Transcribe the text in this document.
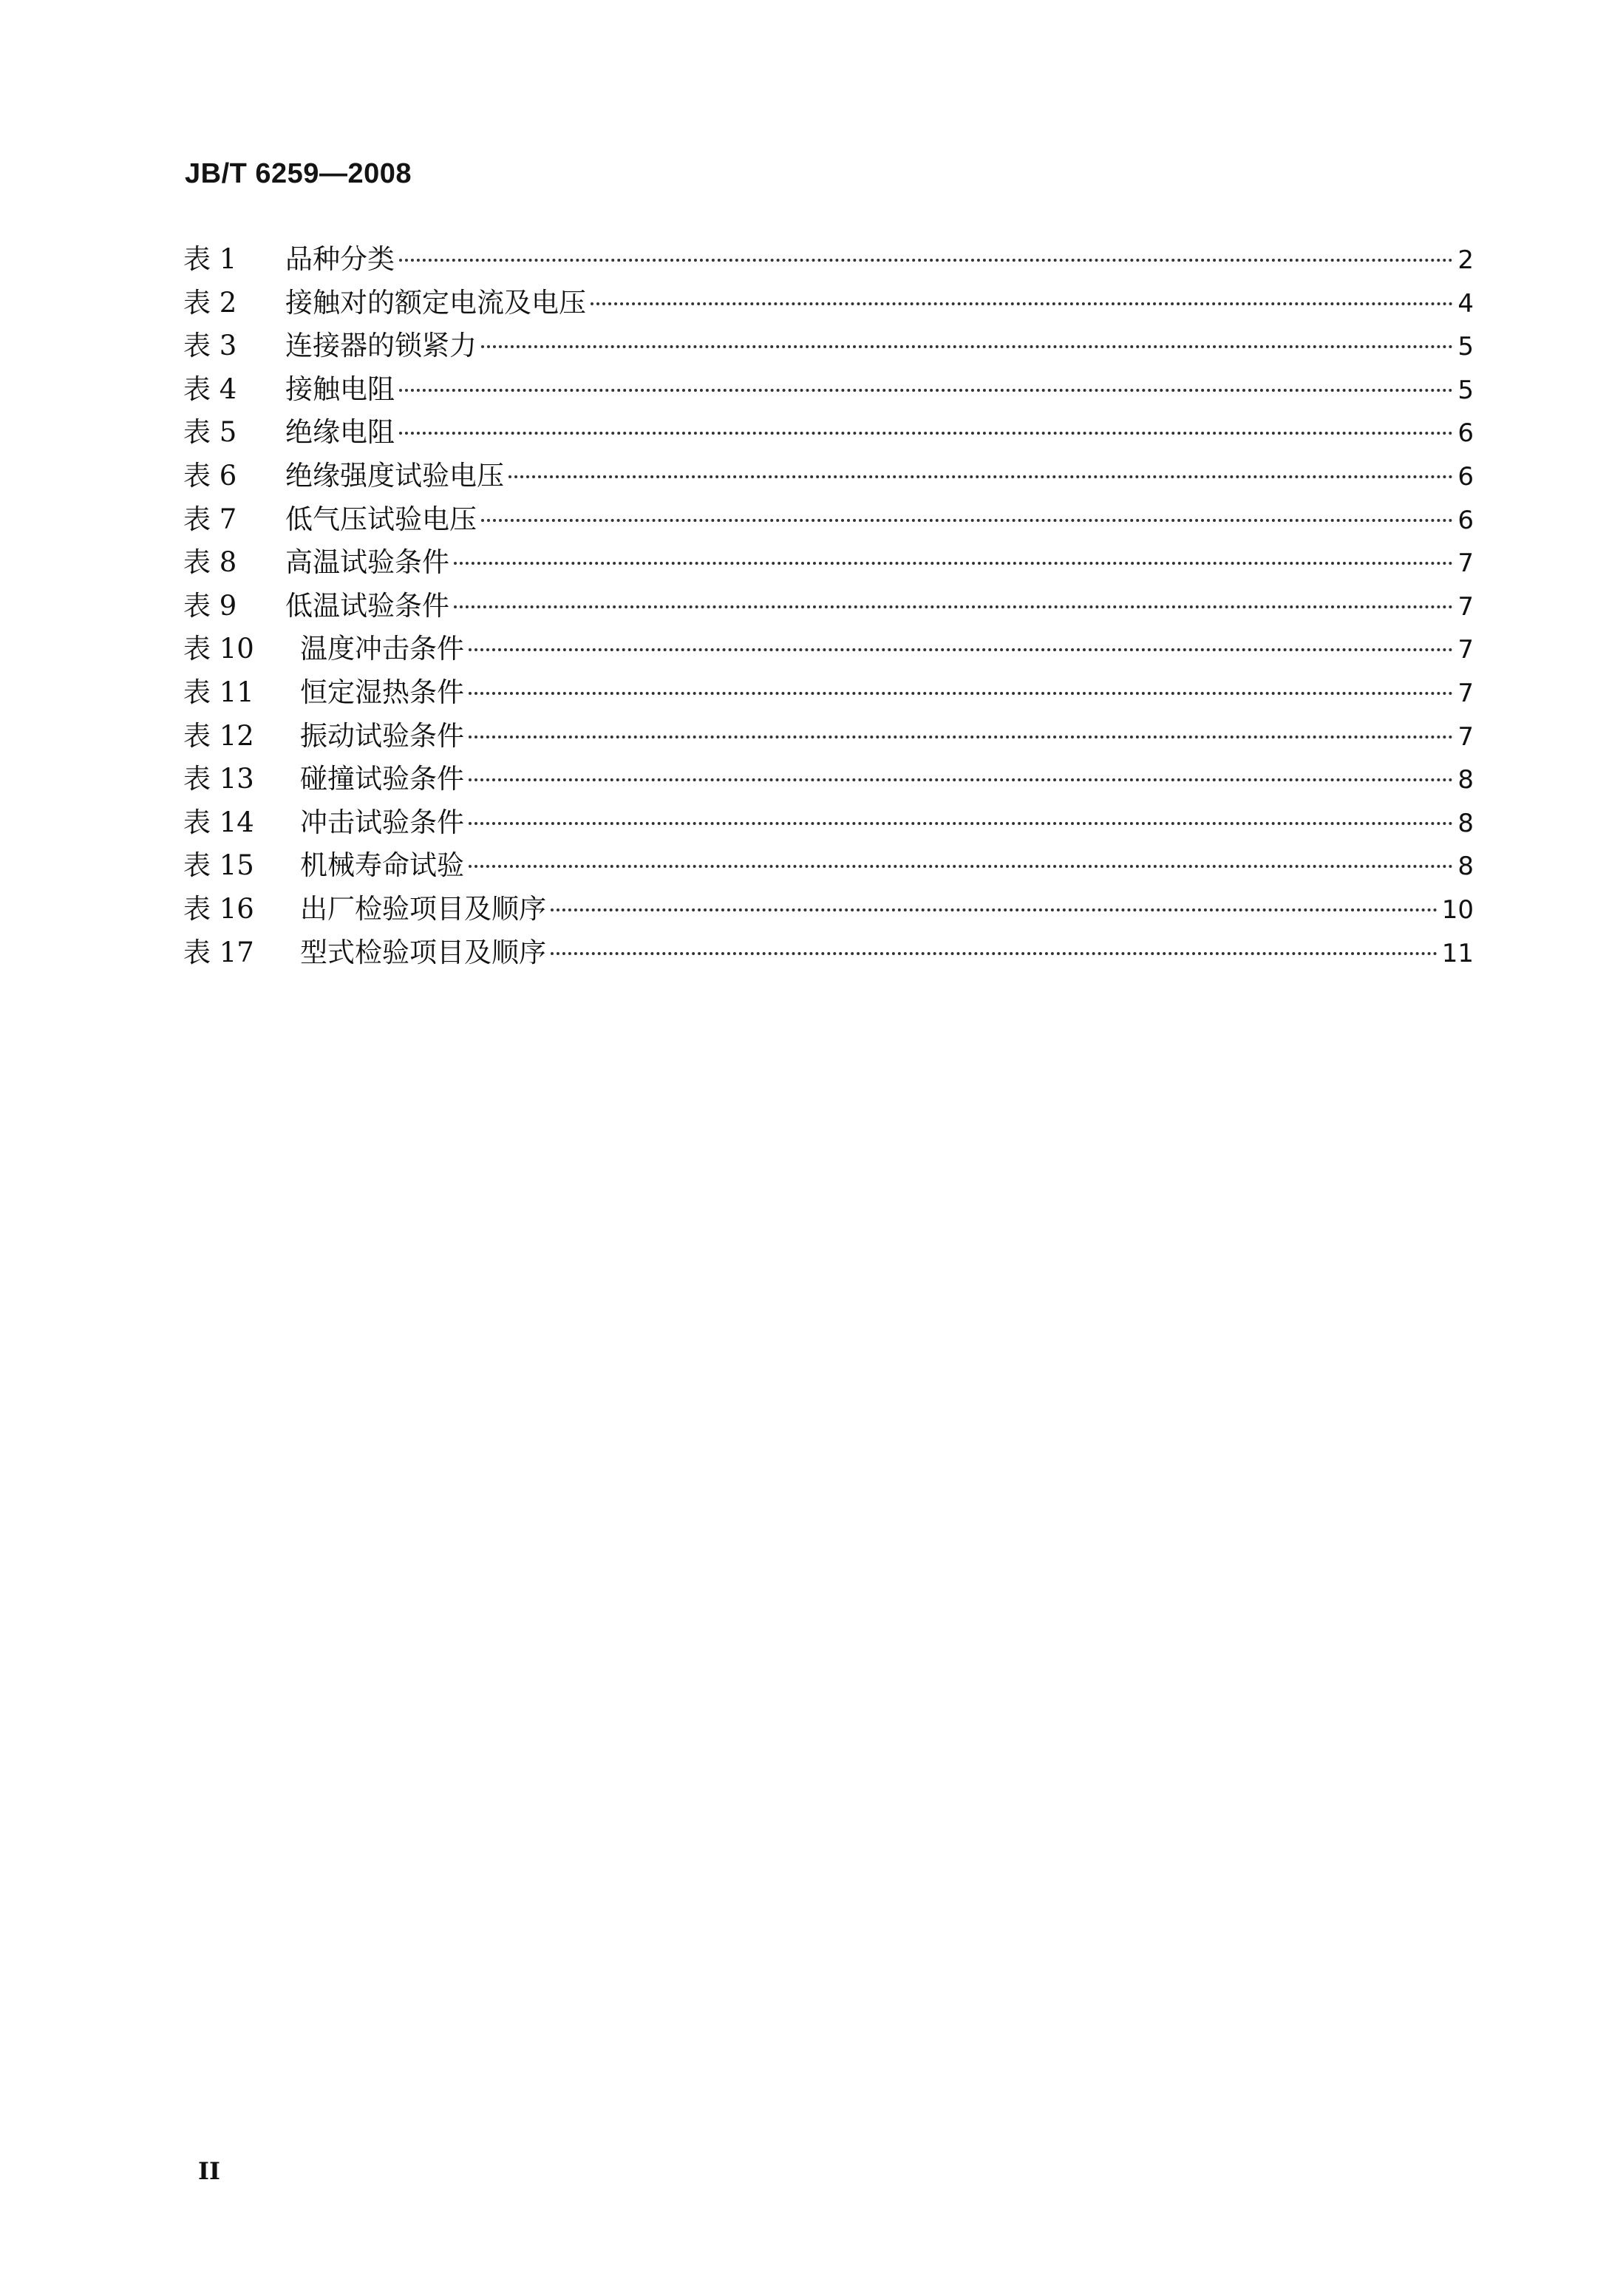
JB/T 6259—2008
表 1	品种分类	2
表 2	接触对的额定电流及电压	4
表 3	连接器的锁紧力	5
表 4	接触电阻	5
表 5	绝缘电阻	6
表 6	绝缘强度试验电压	6
表 7	低气压试验电压	6
表 8	高温试验条件	7
表 9	低温试验条件	7
表 10	温度冲击条件	7
表 11	恒定湿热条件	7
表 12	振动试验条件	7
表 13	碰撞试验条件	8
表 14	冲击试验条件	8
表 15	机械寿命试验	8
表 16	出厂检验项目及顺序	10
表 17	型式检验项目及顺序	11
II
